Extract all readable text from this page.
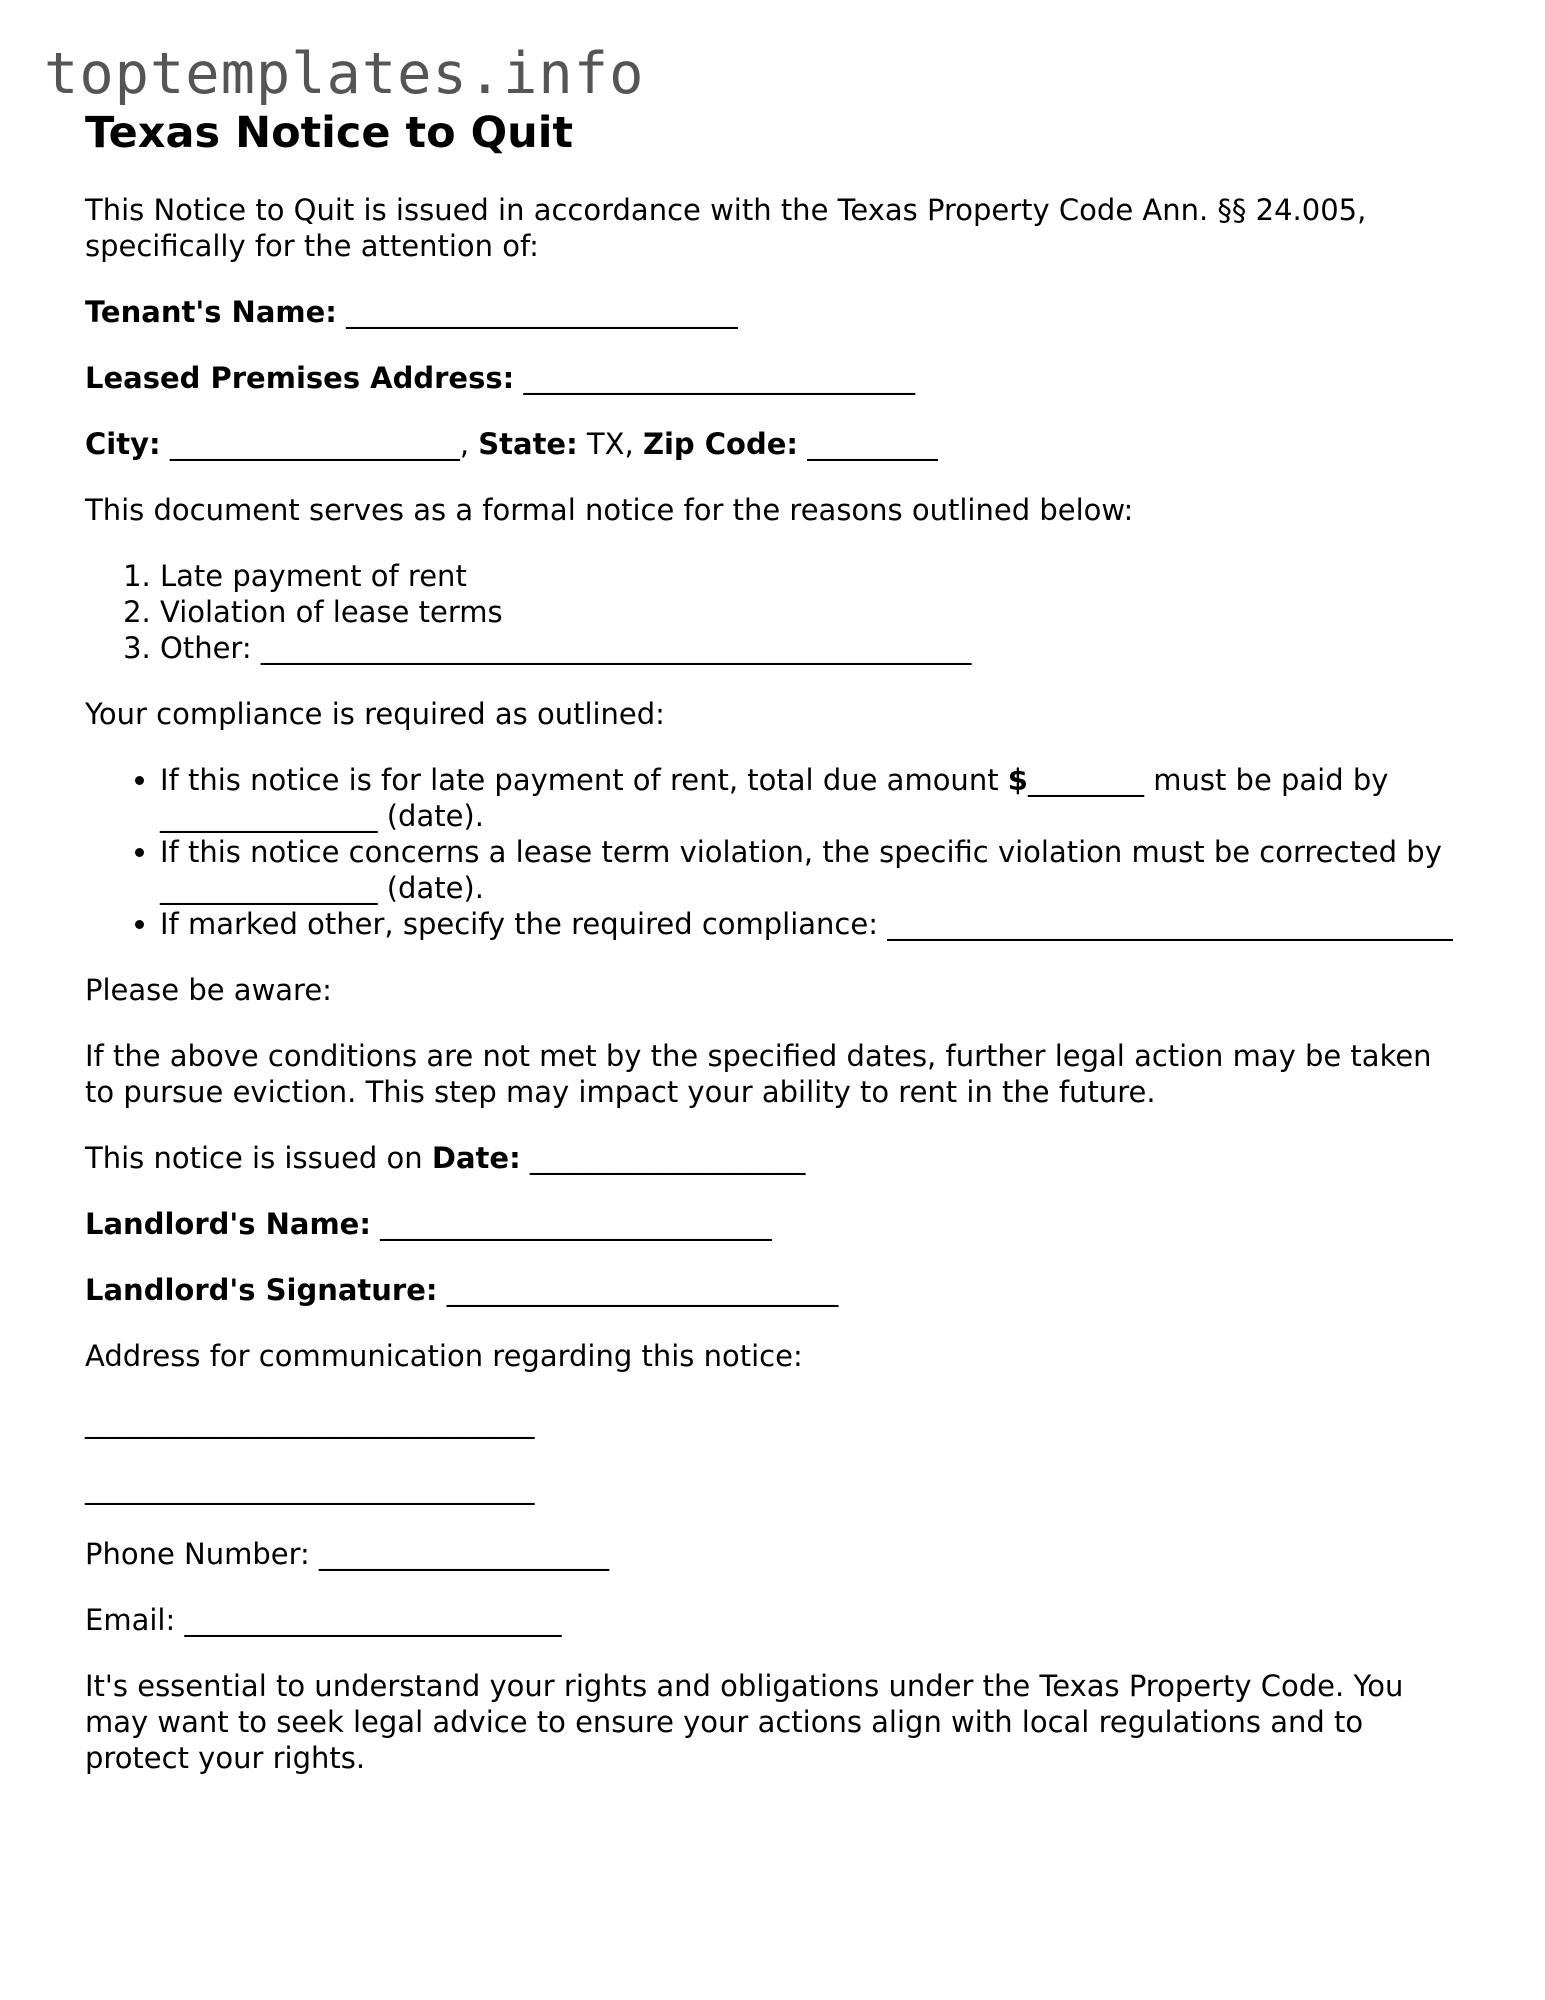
toptemplates.info
Texas Notice to Quit

This Notice to Quit is issued in accordance with the Texas Property Code Ann. §§ 24.005, specifically for the attention of:

Tenant's Name: ___________________________

Leased Premises Address: ___________________________

City: ____________________, State: TX, Zip Code: _________

This document serves as a formal notice for the reasons outlined below:

1. Late payment of rent
2. Violation of lease terms
3. Other: _________________________________________________

Your compliance is required as outlined:

• If this notice is for late payment of rent, total due amount $________ must be paid by _______________ (date).
• If this notice concerns a lease term violation, the specific violation must be corrected by _______________ (date).
• If marked other, specify the required compliance: _______________________________________

Please be aware:

If the above conditions are not met by the specified dates, further legal action may be taken to pursue eviction. This step may impact your ability to rent in the future.

This notice is issued on Date: ___________________

Landlord's Name: ___________________________

Landlord's Signature: ___________________________

Address for communication regarding this notice:

_______________________________
_______________________________

Phone Number: ____________________

Email: __________________________

It's essential to understand your rights and obligations under the Texas Property Code. You may want to seek legal advice to ensure your actions align with local regulations and to protect your rights.
